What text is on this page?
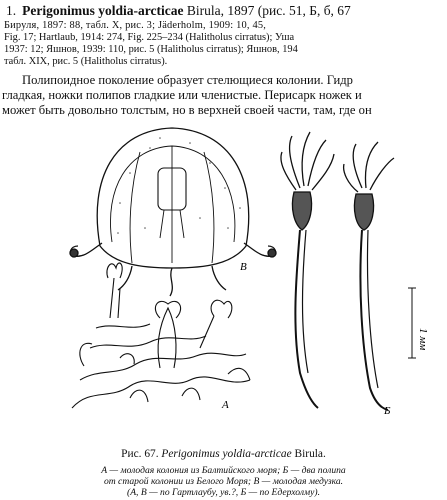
1. Perigonimus yoldia-arcticae Birula, 1897 (рис. 51, Б, б, 67
Бируля, 1897: 88, табл. X, рис. 3; Jäderholm, 1909: 10, 45,
Fig. 17; Hartlaub, 1914: 274, Fig. 225–234 (Halitholus cirratus); Уша
1937: 12; Яшнов, 1939: 110, рис. 5 (Halitholus cirratus); Яшнов, 194
табл. XIX, рис. 5 (Halitholus cirratus).
Полипоидное поколение образует стелющиеся колонии. Гидр
гладкая, ножки полипов гладкие или членистые. Перисарк ножек и
может быть довольно толстым, но в верхней своей части, там, где он
В
А
1 мм
Б
Рис. 67. Perigonimus yoldia-arcticae Birula.
А — молодая колония из Балтийского моря; Б — два полипа
от старой колонии из Белого Моря; В — молодая медузка.
(А, В — по Гартлаубу, ув.?, Б — по Едерхолму).
